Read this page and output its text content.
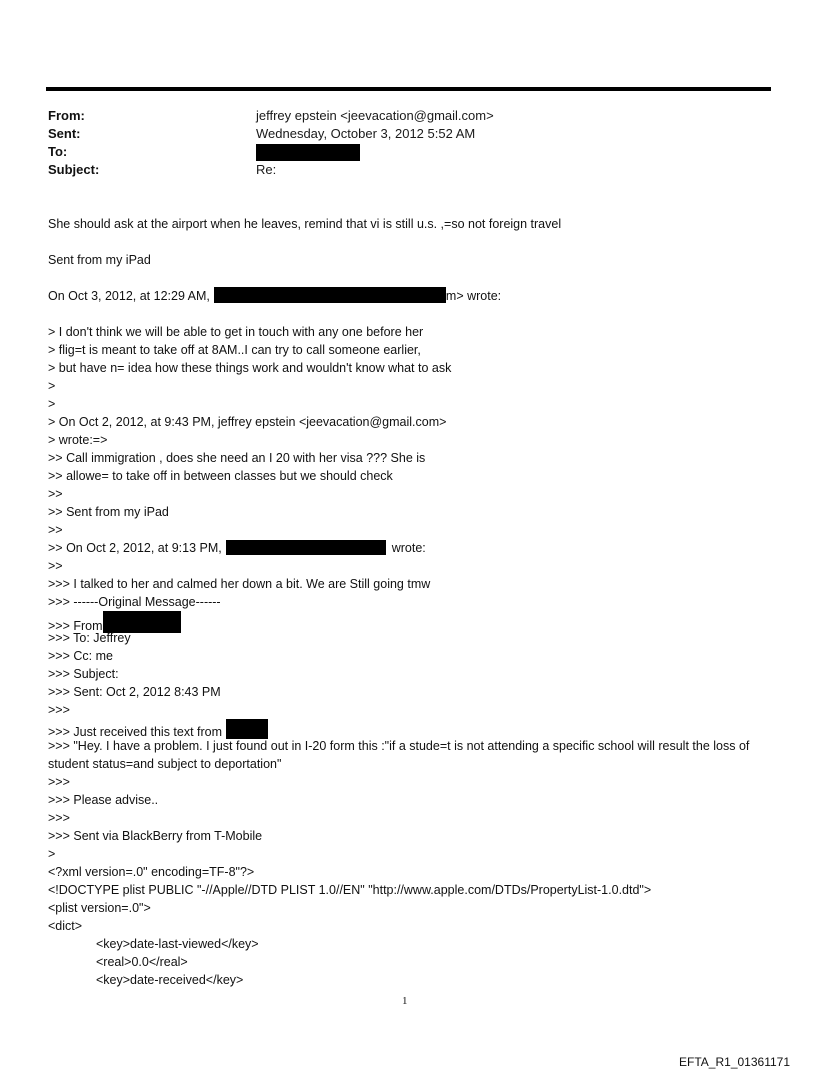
From:	jeffrey epstein <jeevacation@gmail.com>
Sent:	Wednesday, October 3, 2012 5:52 AM
To:
Subject:	Re:
She should ask at the airport when he leaves, remind that vi is still u.s. ,=so not foreign travel
Sent from my iPad
On Oct 3, 2012, at 12:29 AM,	m> wrote:
> I don't think we will be able to get in touch with any one before her
> flig=t is meant to take off at 8AM..I can try to call someone earlier,
> but have n= idea how these things work and wouldn't know what to ask
>
>
> On Oct 2, 2012, at 9:43 PM, jeffrey epstein <jeevacation@gmail.com>
> wrote:=>
>> Call immigration , does she need an I 20 with her visa ??? She is
>> allowe= to take off in between classes but we should check
>>
>> Sent from my iPad
>>
>> On Oct 2, 2012, at 9:13 PM,	wrote:
>>
>>> I talked to her and calmed her down a bit. We are Still going tmw
>>> ------Original Message------
>>> From
>>> To: Jeffrey
>>> Cc: me
>>> Subject:
>>> Sent: Oct 2, 2012 8:43 PM
>>>
>>> Just received this text from
>>> "Hey. I have a problem. I just found out in I-20 form this :"if a stude=t is not attending a specific school will result the loss of student status=and subject to deportation"
>>>
>>> Please advise..
>>>
>>> Sent via BlackBerry from T-Mobile
>
<?xml version=.0" encoding=TF-8"?>
<!DOCTYPE plist PUBLIC "-//Apple//DTD PLIST 1.0//EN" "http://www.apple.com/DTDs/PropertyList-1.0.dtd">
<plist version=.0">
<dict>
<key>date-last-viewed</key>
<real>0.0</real>
<key>date-received</key>
1
EFTA_R1_01361171
